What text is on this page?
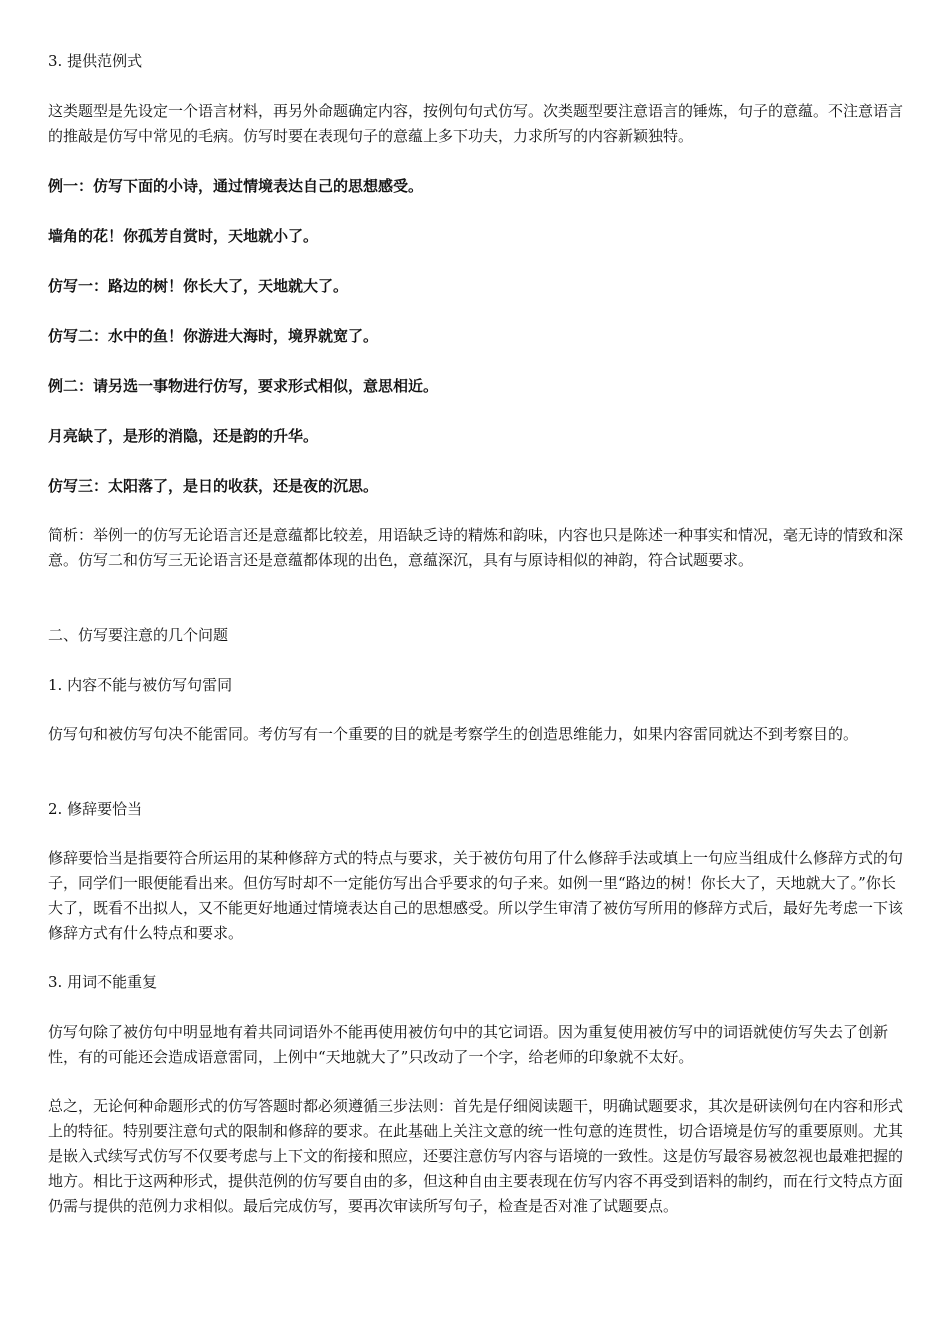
3. 提供范例式

这类题型是先设定一个语言材料，再另外命题确定内容，按例句句式仿写。次类题型要注意语言的锤炼，句子的意蕴。不注意语言的推敲是仿写中常见的毛病。仿写时要在表现句子的意蕴上多下功夫，力求所写的内容新颖独特。

例一：仿写下面的小诗，通过情境表达自己的思想感受。

墙角的花！你孤芳自赏时，天地就小了。

仿写一：路边的树！你长大了，天地就大了。

仿写二：水中的鱼！你游进大海时，境界就宽了。

例二：请另选一事物进行仿写，要求形式相似，意思相近。

月亮缺了，是形的消隐，还是韵的升华。

仿写三：太阳落了，是日的收获，还是夜的沉思。

简析：举例一的仿写无论语言还是意蕴都比较差，用语缺乏诗的精炼和韵味，内容也只是陈述一种事实和情况，毫无诗的情致和深意。仿写二和仿写三无论语言还是意蕴都体现的出色，意蕴深沉，具有与原诗相似的神韵，符合试题要求。

二、仿写要注意的几个问题

1. 内容不能与被仿写句雷同

仿写句和被仿写句决不能雷同。考仿写有一个重要的目的就是考察学生的创造思维能力，如果内容雷同就达不到考察目的。

2. 修辞要恰当

修辞要恰当是指要符合所运用的某种修辞方式的特点与要求，关于被仿句用了什么修辞手法或填上一句应当组成什么修辞方式的句子，同学们一眼便能看出来。但仿写时却不一定能仿写出合乎要求的句子来。如例一里“路边的树！你长大了，天地就大了。”你长大了，既看不出拟人，又不能更好地通过情境表达自己的思想感受。所以学生审清了被仿写所用的修辞方式后，最好先考虑一下该修辞方式有什么特点和要求。

3. 用词不能重复

仿写句除了被仿句中明显地有着共同词语外不能再使用被仿句中的其它词语。因为重复使用被仿写中的词语就使仿写失去了创新性，有的可能还会造成语意雷同，上例中“天地就大了”只改动了一个字，给老师的印象就不太好。

总之，无论何种命题形式的仿写答题时都必须遵循三步法则：首先是仔细阅读题干，明确试题要求，其次是研读例句在内容和形式上的特征。特别要注意句式的限制和修辞的要求。在此基础上关注文意的统一性句意的连贯性，切合语境是仿写的重要原则。尤其是嵌入式续写式仿写不仅要考虑与上下文的衔接和照应，还要注意仿写内容与语境的一致性。这是仿写最容易被忽视也最难把握的地方。相比于这两种形式，提供范例的仿写要自由的多，但这种自由主要表现在仿写内容不再受到语料的制约，而在行文特点方面仍需与提供的范例力求相似。最后完成仿写，要再次审读所写句子，检查是否对准了试题要点。
